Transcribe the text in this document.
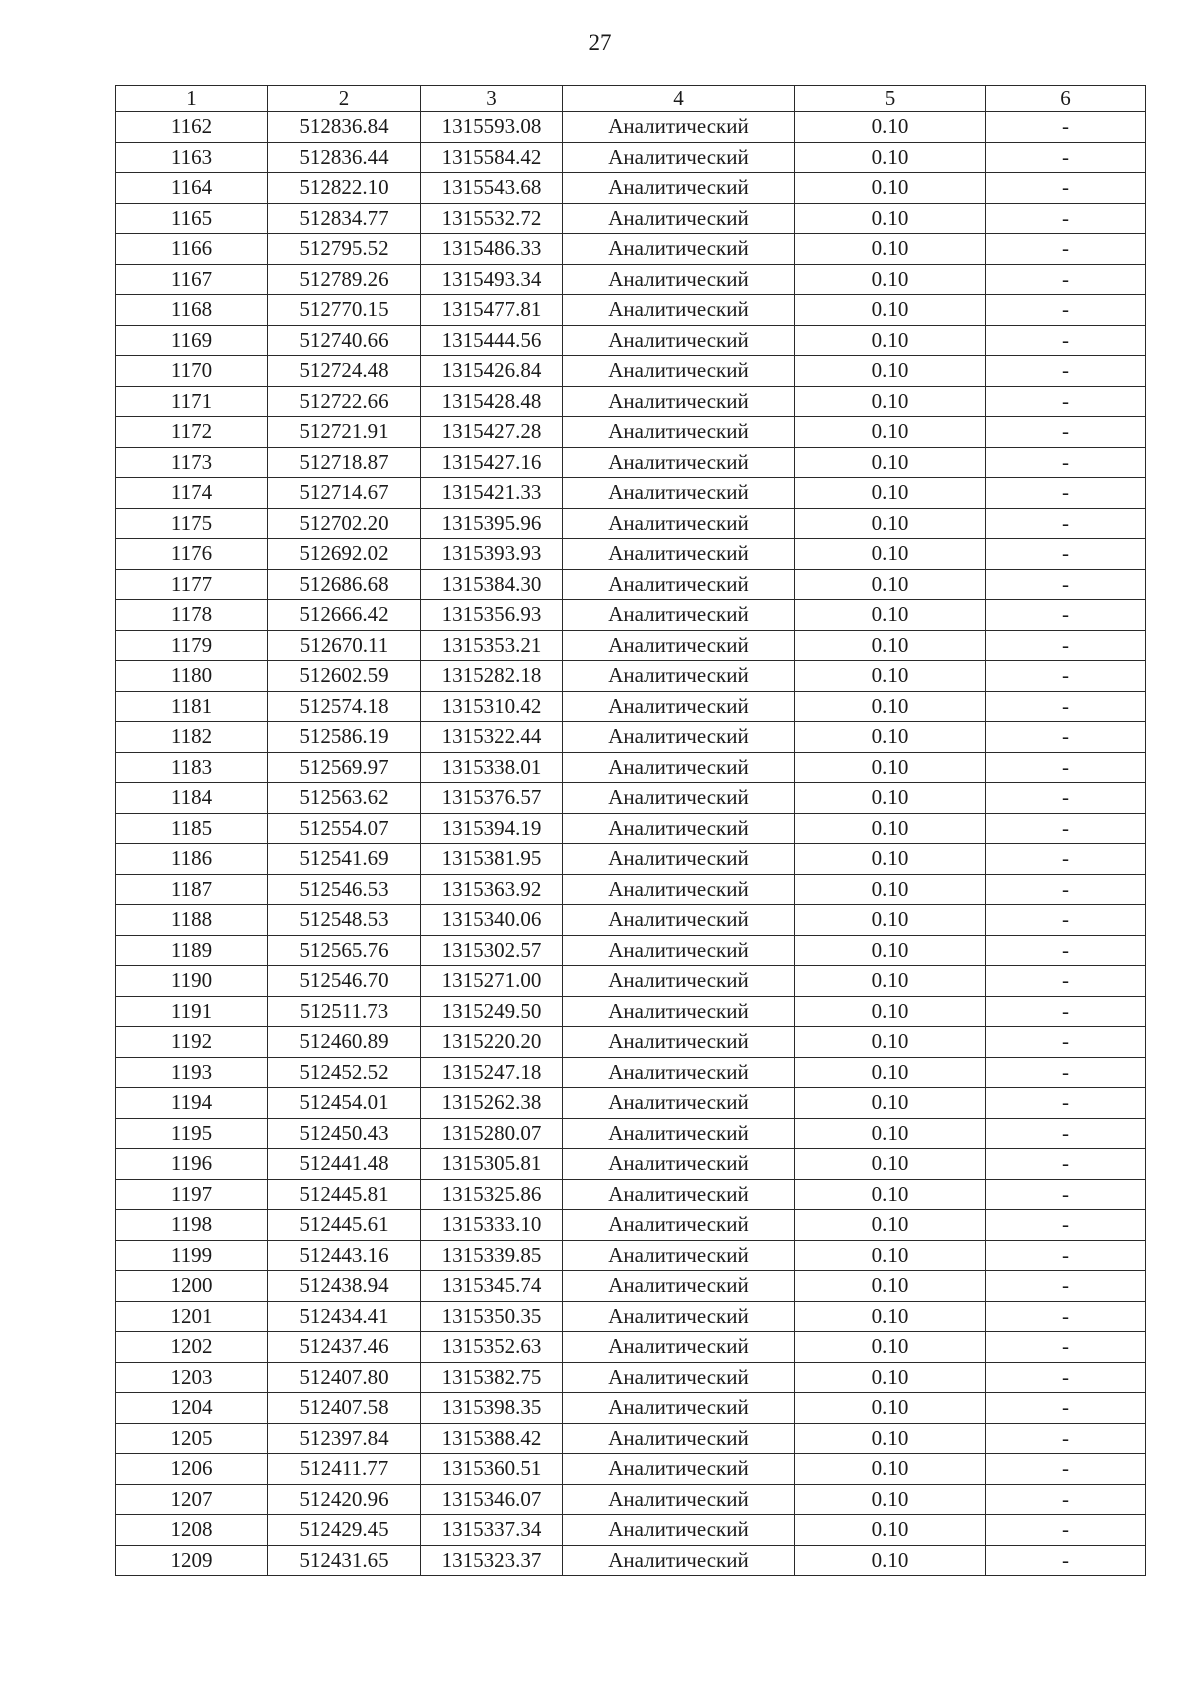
27
1	2	3	4	5	6
1162	512836.84	1315593.08	Аналитический	0.10	-
1163	512836.44	1315584.42	Аналитический	0.10	-
1164	512822.10	1315543.68	Аналитический	0.10	-
1165	512834.77	1315532.72	Аналитический	0.10	-
1166	512795.52	1315486.33	Аналитический	0.10	-
1167	512789.26	1315493.34	Аналитический	0.10	-
1168	512770.15	1315477.81	Аналитический	0.10	-
1169	512740.66	1315444.56	Аналитический	0.10	-
1170	512724.48	1315426.84	Аналитический	0.10	-
1171	512722.66	1315428.48	Аналитический	0.10	-
1172	512721.91	1315427.28	Аналитический	0.10	-
1173	512718.87	1315427.16	Аналитический	0.10	-
1174	512714.67	1315421.33	Аналитический	0.10	-
1175	512702.20	1315395.96	Аналитический	0.10	-
1176	512692.02	1315393.93	Аналитический	0.10	-
1177	512686.68	1315384.30	Аналитический	0.10	-
1178	512666.42	1315356.93	Аналитический	0.10	-
1179	512670.11	1315353.21	Аналитический	0.10	-
1180	512602.59	1315282.18	Аналитический	0.10	-
1181	512574.18	1315310.42	Аналитический	0.10	-
1182	512586.19	1315322.44	Аналитический	0.10	-
1183	512569.97	1315338.01	Аналитический	0.10	-
1184	512563.62	1315376.57	Аналитический	0.10	-
1185	512554.07	1315394.19	Аналитический	0.10	-
1186	512541.69	1315381.95	Аналитический	0.10	-
1187	512546.53	1315363.92	Аналитический	0.10	-
1188	512548.53	1315340.06	Аналитический	0.10	-
1189	512565.76	1315302.57	Аналитический	0.10	-
1190	512546.70	1315271.00	Аналитический	0.10	-
1191	512511.73	1315249.50	Аналитический	0.10	-
1192	512460.89	1315220.20	Аналитический	0.10	-
1193	512452.52	1315247.18	Аналитический	0.10	-
1194	512454.01	1315262.38	Аналитический	0.10	-
1195	512450.43	1315280.07	Аналитический	0.10	-
1196	512441.48	1315305.81	Аналитический	0.10	-
1197	512445.81	1315325.86	Аналитический	0.10	-
1198	512445.61	1315333.10	Аналитический	0.10	-
1199	512443.16	1315339.85	Аналитический	0.10	-
1200	512438.94	1315345.74	Аналитический	0.10	-
1201	512434.41	1315350.35	Аналитический	0.10	-
1202	512437.46	1315352.63	Аналитический	0.10	-
1203	512407.80	1315382.75	Аналитический	0.10	-
1204	512407.58	1315398.35	Аналитический	0.10	-
1205	512397.84	1315388.42	Аналитический	0.10	-
1206	512411.77	1315360.51	Аналитический	0.10	-
1207	512420.96	1315346.07	Аналитический	0.10	-
1208	512429.45	1315337.34	Аналитический	0.10	-
1209	512431.65	1315323.37	Аналитический	0.10	-
